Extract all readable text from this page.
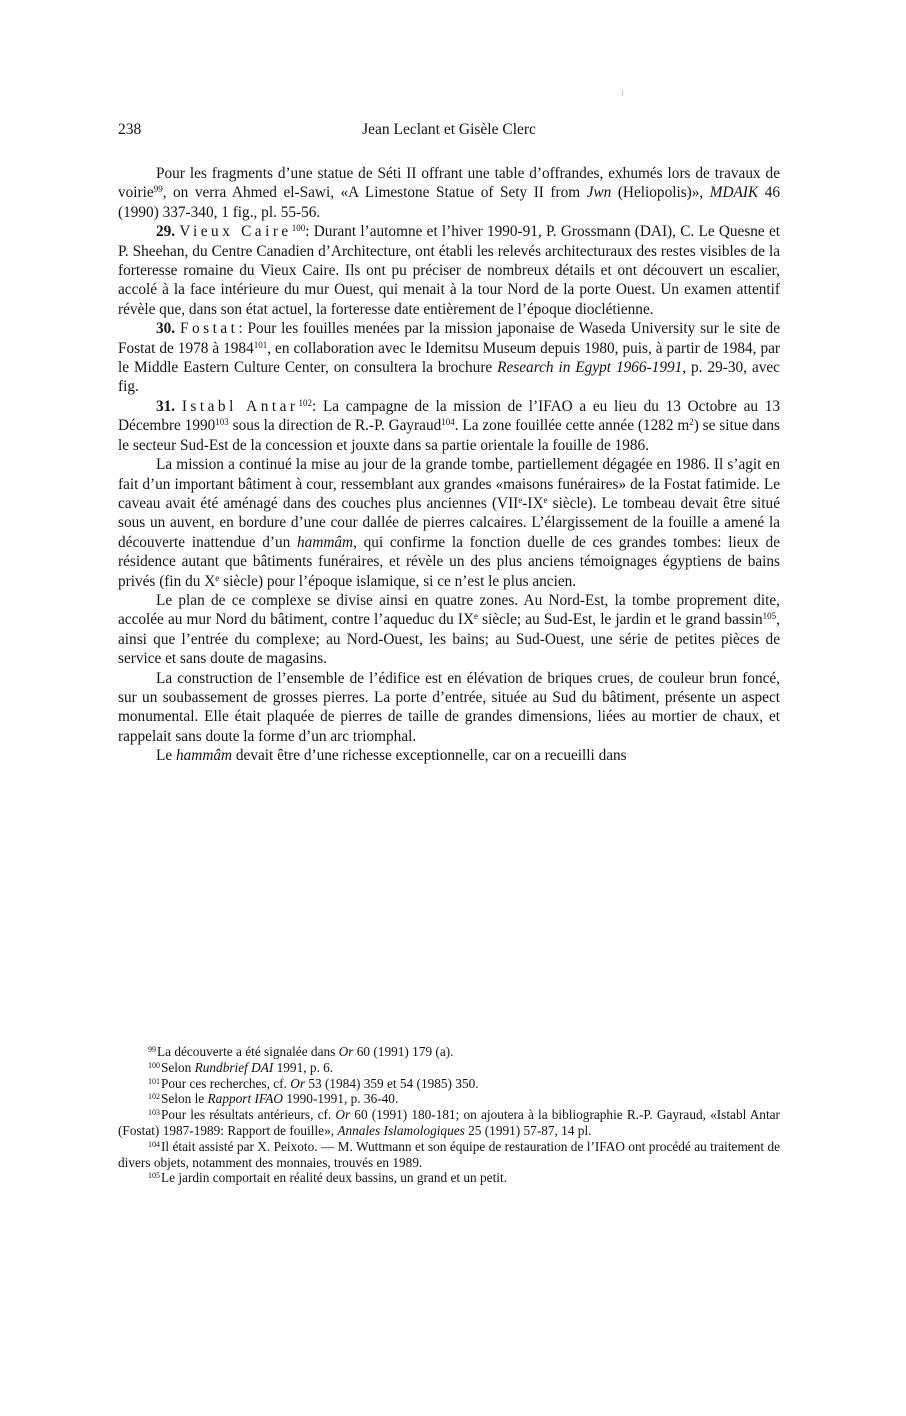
238	Jean Leclant et Gisèle Clerc

Pour les fragments d’une statue de Séti II offrant une table d’offrandes, exhumés lors de travaux de voirie$^{99}$, on verra Ahmed el-Sawi, «A Limestone Statue of Sety II from Jwn (Heliopolis)», MDAIK 46 (1990) 337-340, 1 fig., pl. 55-56.

29. Vieux Caire$^{100}$: Durant l’automne et l’hiver 1990-91, P. Grossmann (DAI), C. Le Quesne et P. Sheehan, du Centre Canadien d’Architecture, ont établi les relevés architecturaux des restes visibles de la forteresse romaine du Vieux Caire. Ils ont pu préciser de nombreux détails et ont découvert un escalier, accolé à la face intérieure du mur Ouest, qui menait à la tour Nord de la porte Ouest. Un examen attentif révèle que, dans son état actuel, la forteresse date entièrement de l’époque dioclétienne.

30. Fostat: Pour les fouilles menées par la mission japonaise de Waseda University sur le site de Fostat de 1978 à 1984$^{101}$, en collaboration avec le Idemitsu Museum depuis 1980, puis, à partir de 1984, par le Middle Eastern Culture Center, on consultera la brochure Research in Egypt 1966-1991, p. 29-30, avec fig.

31. Istabl Antar$^{102}$: La campagne de la mission de l’IFAO a eu lieu du 13 Octobre au 13 Décembre 1990$^{103}$ sous la direction de R.-P. Gayraud$^{104}$. La zone fouillée cette année (1282 $m^2$) se situe dans le secteur Sud-Est de la concession et jouxte dans sa partie orientale la fouille de 1986.

La mission a continué la mise au jour de la grande tombe, partiellement dégagée en 1986. Il s’agit en fait d’un important bâtiment à cour, ressemblant aux grandes «maisons funéraires» de la Fostat fatimide. Le caveau avait été aménagé dans des couches plus anciennes (VIIe-IXe siècle). Le tombeau devait être situé sous un auvent, en bordure d’une cour dallée de pierres calcaires. L’élargissement de la fouille a amené la découverte inattendue d’un hammâm, qui confirme la fonction duelle de ces grandes tombes: lieux de résidence autant que bâtiments funéraires, et révèle un des plus anciens témoignages égyptiens de bains privés (fin du Xe siècle) pour l’époque islamique, si ce n’est le plus ancien.

Le plan de ce complexe se divise ainsi en quatre zones. Au Nord-Est, la tombe proprement dite, accolée au mur Nord du bâtiment, contre l’aqueduc du IXe siècle; au Sud-Est, le jardin et le grand bassin$^{105}$, ainsi que l’entrée du complexe; au Nord-Ouest, les bains; au Sud-Ouest, une série de petites pièces de service et sans doute de magasins.

La construction de l’ensemble de l’édifice est en élévation de briques crues, de couleur brun foncé, sur un soubassement de grosses pierres. La porte d’entrée, située au Sud du bâtiment, présente un aspect monumental. Elle était plaquée de pierres de taille de grandes dimensions, liées au mortier de chaux, et rappelait sans doute la forme d’un arc triomphal.

Le hammâm devait être d’une richesse exceptionnelle, car on a recueilli dans

$^{99}$La découverte a été signalée dans Or 60 (1991) 179 (a).

$^{100}$Selon Rundbrief DAI 1991, p. 6.

$^{101}$Pour ces recherches, cf. Or 53 (1984) 359 et 54 (1985) 350.

$^{102}$Selon le Rapport IFAO 1990-1991, p. 36-40.

$^{103}$Pour les résultats antérieurs, cf. Or 60 (1991) 180-181; on ajoutera à la bibliographie R.-P. Gayraud, «Istabl Antar (Fostat) 1987-1989: Rapport de fouille», Annales Islamologiques 25 (1991) 57-87, 14 pl.

$^{104}$Il était assisté par X. Peixoto. — M. Wuttmann et son équipe de restauration de l’IFAO ont procédé au traitement de divers objets, notamment des monnaies, trouvés en 1989.

$^{105}$Le jardin comportait en réalité deux bassins, un grand et un petit.
